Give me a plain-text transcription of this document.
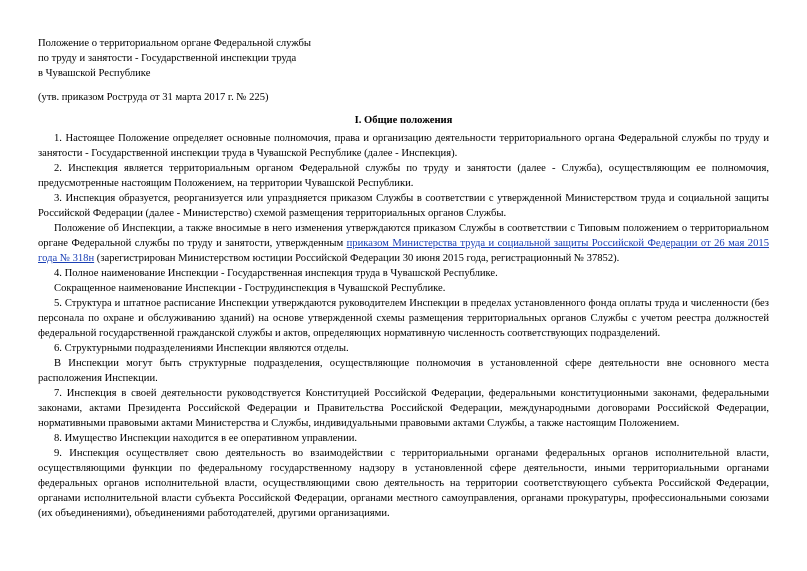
Положение о территориальном органе Федеральной службы
по труду и занятости - Государственной инспекции труда
в Чувашской Республике
(утв. приказом Роструда от 31 марта 2017 г. № 225)
I. Общие положения

1. Настоящее Положение определяет основные полномочия, права и организацию деятельности территориального органа Федеральной службы по труду и занятости - Государственной инспекции труда в Чувашской Республике (далее - Инспекция).

2. Инспекция является территориальным органом Федеральной службы по труду и занятости (далее - Служба), осуществляющим ее полномочия, предусмотренные настоящим Положением, на территории Чувашской Республики.

3. Инспекция образуется, реорганизуется или упраздняется приказом Службы в соответствии с утвержденной Министерством труда и социальной защиты Российской Федерации (далее - Министерство) схемой размещения территориальных органов Службы.

Положение об Инспекции, а также вносимые в него изменения утверждаются приказом Службы в соответствии с Типовым положением о территориальном органе Федеральной службы по труду и занятости, утвержденным приказом Министерства труда и социальной защиты Российской Федерации от 26 мая 2015 года № 318н (зарегистрирован Министерством юстиции Российской Федерации 30 июня 2015 года, регистрационный № 37852).

4. Полное наименование Инспекции - Государственная инспекция труда в Чувашской Республике.

Сокращенное наименование Инспекции - Гострудинспекция в Чувашской Республике.

5. Структура и штатное расписание Инспекции утверждаются руководителем Инспекции в пределах установленного фонда оплаты труда и численности (без персонала по охране и обслуживанию зданий) на основе утвержденной схемы размещения территориальных органов Службы с учетом реестра должностей федеральной государственной гражданской службы и актов, определяющих нормативную численность соответствующих подразделений.

6. Структурными подразделениями Инспекции являются отделы.

В Инспекции могут быть структурные подразделения, осуществляющие полномочия в установленной сфере деятельности вне основного места расположения Инспекции.

7. Инспекция в своей деятельности руководствуется Конституцией Российской Федерации, федеральными конституционными законами, федеральными законами, актами Президента Российской Федерации и Правительства Российской Федерации, международными договорами Российской Федерации, нормативными правовыми актами Министерства и Службы, индивидуальными правовыми актами Службы, а также настоящим Положением.

8. Имущество Инспекции находится в ее оперативном управлении.

9. Инспекция осуществляет свою деятельность во взаимодействии с территориальными органами федеральных органов исполнительной власти, осуществляющими функции по федеральному государственному надзору в установленной сфере деятельности, иными территориальными органами федеральных органов исполнительной власти, осуществляющими свою деятельность на территории соответствующего субъекта Российской Федерации, органами исполнительной власти субъекта Российской Федерации, органами местного самоуправления, органами прокуратуры, профессиональными союзами (их объединениями), объединениями работодателей, другими организациями.
